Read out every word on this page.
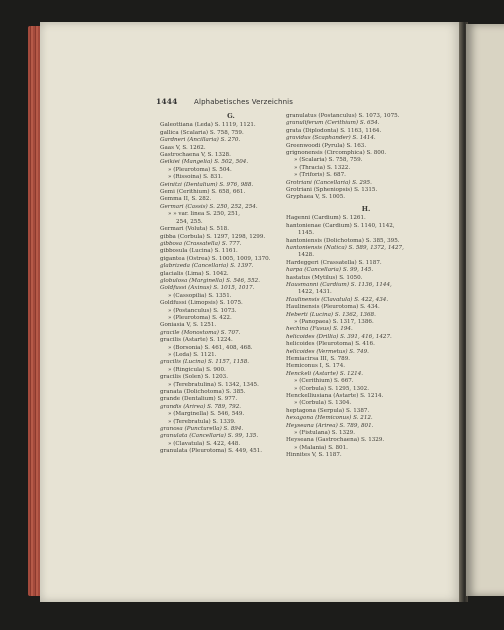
1444 Alphabetisches Verzeichnis
G.
Galeottiana (Leda) S. 1119, 1121.
gallica (Scalaria) S. 758, 759.
Gardneri (Ancillaria) S. 270.
Gaas V, S. 1262.
Gastrochaena V, S. 1328.
Geikiei (Mangelia) S. 502, 504.
» (Pleurotoma) S. 504.
» (Rissoina) S. 831.
Geinitzi (Dentalium) S. 976, 988.
Gemi (Cerithium) S. 658, 661.
Gemma II, S. 282.
Germari (Cassis) S. 250, 252, 254.
» » var. linea S. 250, 251,
254, 255.
Germari (Voluta) S. 518.
gibba (Corbula) S. 1297, 1298, 1299.
gibbosa (Crassatella) S. 777.
gibbosula (Lucina) S. 1161.
gigantea (Ostrea) S. 1005, 1009, 1370.
glabrizeda (Cancellaria) S. 1397.
glacialis (Lima) S. 1042.
globulosa (Marginella) S. 546, 552.
Goldfussi (Axinus) S. 1015, 1017.
» (Cassopilia) S. 1351.
Goldfussi (Limopsis) S. 1075.
» (Postanculus) S. 1073.
» (Pleurotoma) S. 422.
Goniasia V, S. 1251.
gracile (Monostoma) S. 707.
gracilis (Astarte) S. 1224.
» (Borsonia) S. 461, 408, 468.
» (Leda) S. 1121.
gracilis (Lucina) S. 1157, 1158.
» (Ringicula) S. 900.
gracilis (Solen) S. 1203.
» (Terebratulina) S. 1342, 1345.
granata (Dolichotoma) S. 385.
grande (Dentalium) S. 977.
grandis (Arirea) S. 789, 792.
» (Marginella) S. 546, 549.
» (Terebratula) S. 1339.
granosa (Puncturella) S. 894.
granulata (Cancellaria) S. 99, 135.
» (Clavatula) S. 422, 448.
granulata (Pleurotoma) S. 449, 451.
granulatus (Postanculus) S. 1073, 1075.
granuliferum (Cerithium) S. 654.
grata (Diplodonta) S. 1163, 1164.
gravidus (Scaphander) S. 1414.
Greenwoodi (Pyrula) S. 163.
grignonensis (Circomphica) S. 800.
» (Scalaria) S. 758, 759.
» (Thracia) S. 1322.
» (Triforis) S. 687.
Grotriani (Cancellaria) S. 295.
Grotriani (Spheniopsis) S. 1315.
Gryphaea V, S. 1005.
H.
Hagenni (Cardium) S. 1261.
hantonienae (Cardium) S. 1140, 1142,
1145.
hantoniensis (Dolichotoma) S. 385, 395.
hantoniensis (Natica) S. 589, 1372, 1427,
1428.
Hardeggeri (Crassatella) S. 1187.
harpa (Cancellaria) S. 99, 145.
hastatus (Mytilus) S. 1050.
Hausmanni (Cardium) S. 1136, 1144,
1422, 1431.
Haulinensis (Clavatula) S. 422, 434.
Haulinensis (Pleurotoma) S. 434.
Heberti (Lucina) S. 1362, 1368.
» (Panopaea) S. 1317, 1386.
hechina (Fusus) S. 194.
helicoides (Drillia) S. 391, 416, 1427.
helicoides (Pleurotoma) S. 416.
helicoides (Vermetus) S. 749.
Hemiacirsa III, S. 789.
Hemiconus I, S. 174.
Henckeli (Astarte) S. 1214.
» (Cerithium) S. 667.
» (Corbula) S. 1295, 1302.
Henckelliusiana (Astarte) S. 1214.
» (Corbula) S. 1304.
heptagona (Serpula) S. 1387.
hexagona (Hemiconus) S. 212.
Heyseana (Arirea) S. 789, 801.
» (Fistulana) S. 1329.
Heyseana (Gastrochaena) S. 1329.
» (Malania) S. 801.
Hinnites V, S. 1187.
